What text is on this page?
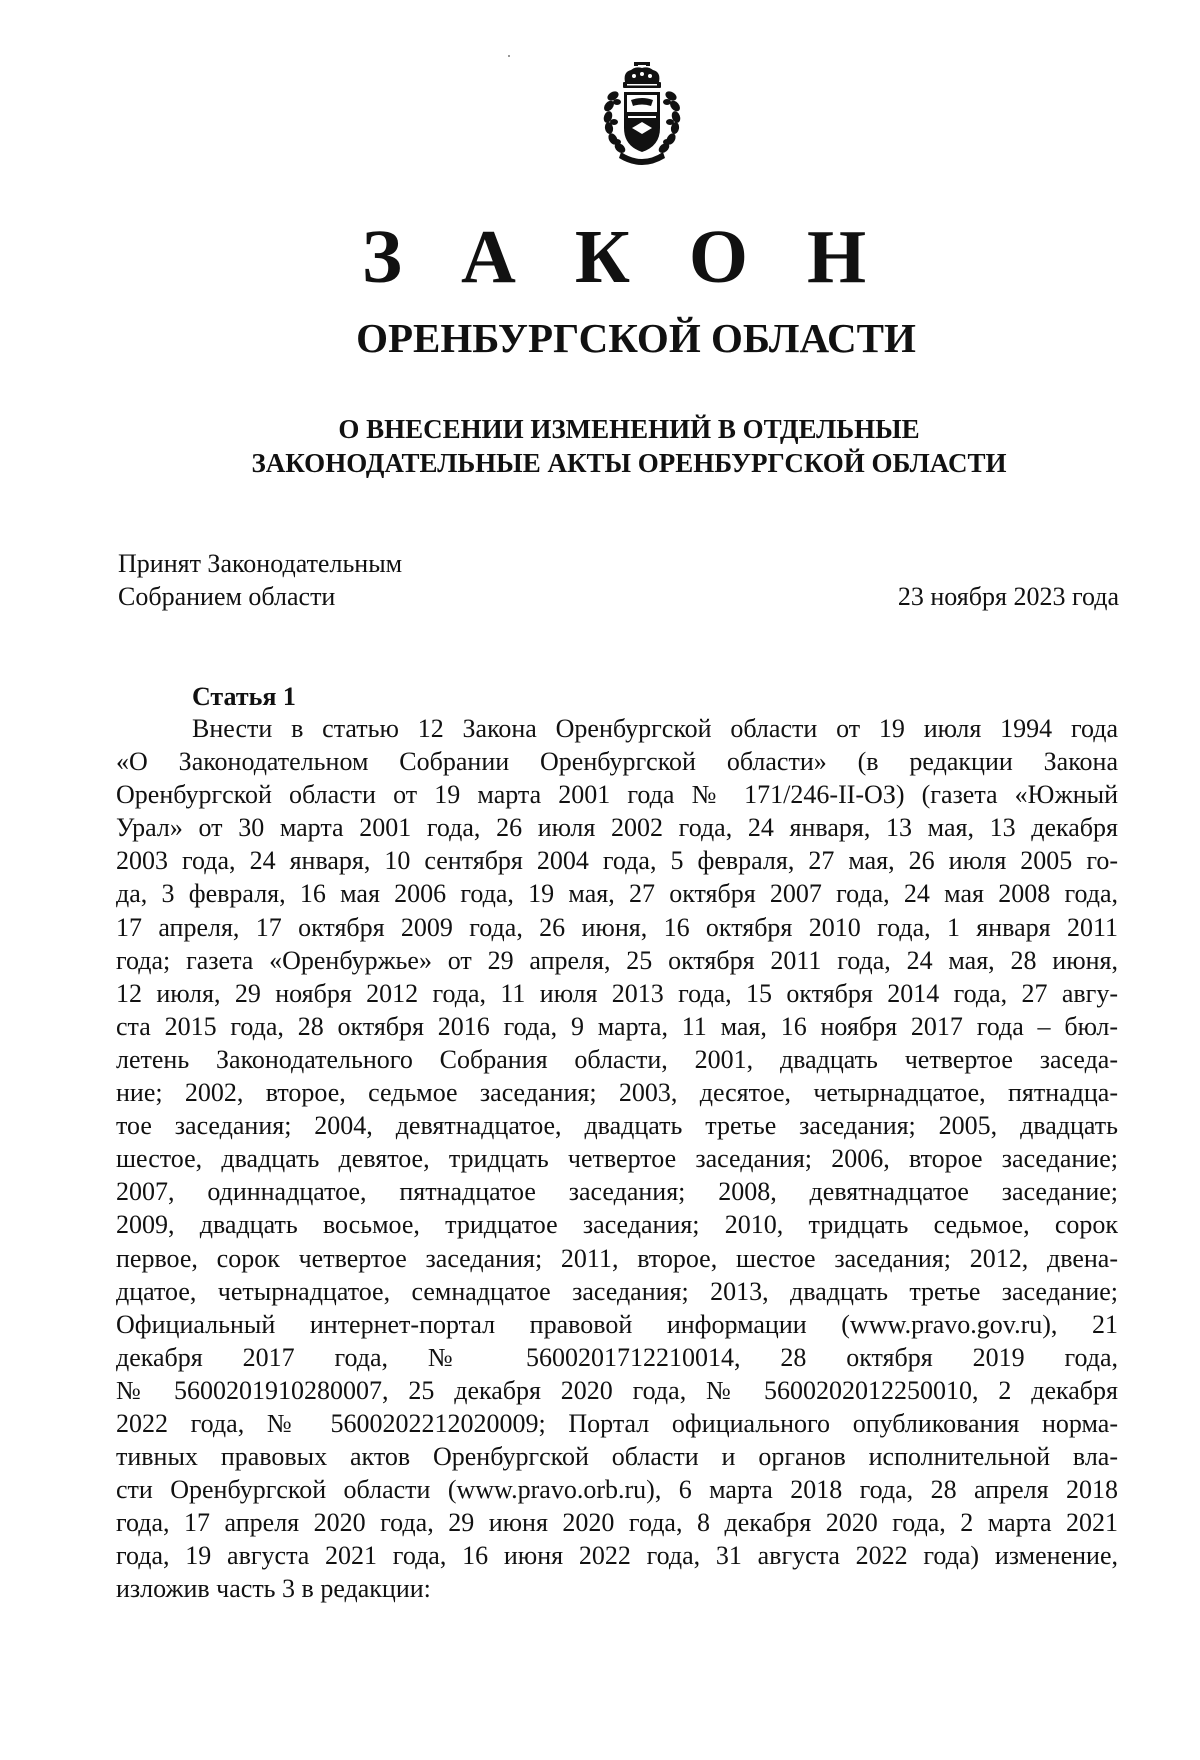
З А К О Н
ОРЕНБУРГСКОЙ ОБЛАСТИ
О ВНЕСЕНИИ ИЗМЕНЕНИЙ В ОТДЕЛЬНЫЕ
ЗАКОНОДАТЕЛЬНЫЕ АКТЫ ОРЕНБУРГСКОЙ ОБЛАСТИ
Принят Законодательным
Собранием области	23 ноября 2023 года
Статья 1
Внести в статью 12 Закона Оренбургской области от 19 июля 1994 года
«О Законодательном Собрании Оренбургской области» (в редакции Закона
Оренбургской области от 19 марта 2001 года № 171/246-II-ОЗ) (газета «Южный
Урал» от 30 марта 2001 года, 26 июля 2002 года, 24 января, 13 мая, 13 декабря
2003 года, 24 января, 10 сентября 2004 года, 5 февраля, 27 мая, 26 июля 2005 го-
да, 3 февраля, 16 мая 2006 года, 19 мая, 27 октября 2007 года, 24 мая 2008 года,
17 апреля, 17 октября 2009 года, 26 июня, 16 октября 2010 года, 1 января 2011
года; газета «Оренбуржье» от 29 апреля, 25 октября 2011 года, 24 мая, 28 июня,
12 июля, 29 ноября 2012 года, 11 июля 2013 года, 15 октября 2014 года, 27 авгу-
ста 2015 года, 28 октября 2016 года, 9 марта, 11 мая, 16 ноября 2017 года – бюл-
летень Законодательного Собрания области, 2001, двадцать четвертое заседа-
ние; 2002, второе, седьмое заседания; 2003, десятое, четырнадцатое, пятнадца-
тое заседания; 2004, девятнадцатое, двадцать третье заседания; 2005, двадцать
шестое, двадцать девятое, тридцать четвертое заседания; 2006, второе заседание;
2007, одиннадцатое, пятнадцатое заседания; 2008, девятнадцатое заседание;
2009, двадцать восьмое, тридцатое заседания; 2010, тридцать седьмое, сорок
первое, сорок четвертое заседания; 2011, второе, шестое заседания; 2012, двена-
дцатое, четырнадцатое, семнадцатое заседания; 2013, двадцать третье заседание;
Официальный интернет-портал правовой информации (www.pravo.gov.ru), 21
декабря 2017 года, № 5600201712210014, 28 октября 2019 года,
№ 5600201910280007, 25 декабря 2020 года, № 5600202012250010, 2 декабря
2022 года, № 5600202212020009; Портал официального опубликования норма-
тивных правовых актов Оренбургской области и органов исполнительной вла-
сти Оренбургской области (www.pravo.orb.ru), 6 марта 2018 года, 28 апреля 2018
года, 17 апреля 2020 года, 29 июня 2020 года, 8 декабря 2020 года, 2 марта 2021
года, 19 августа 2021 года, 16 июня 2022 года, 31 августа 2022 года) изменение,
изложив часть 3 в редакции:
